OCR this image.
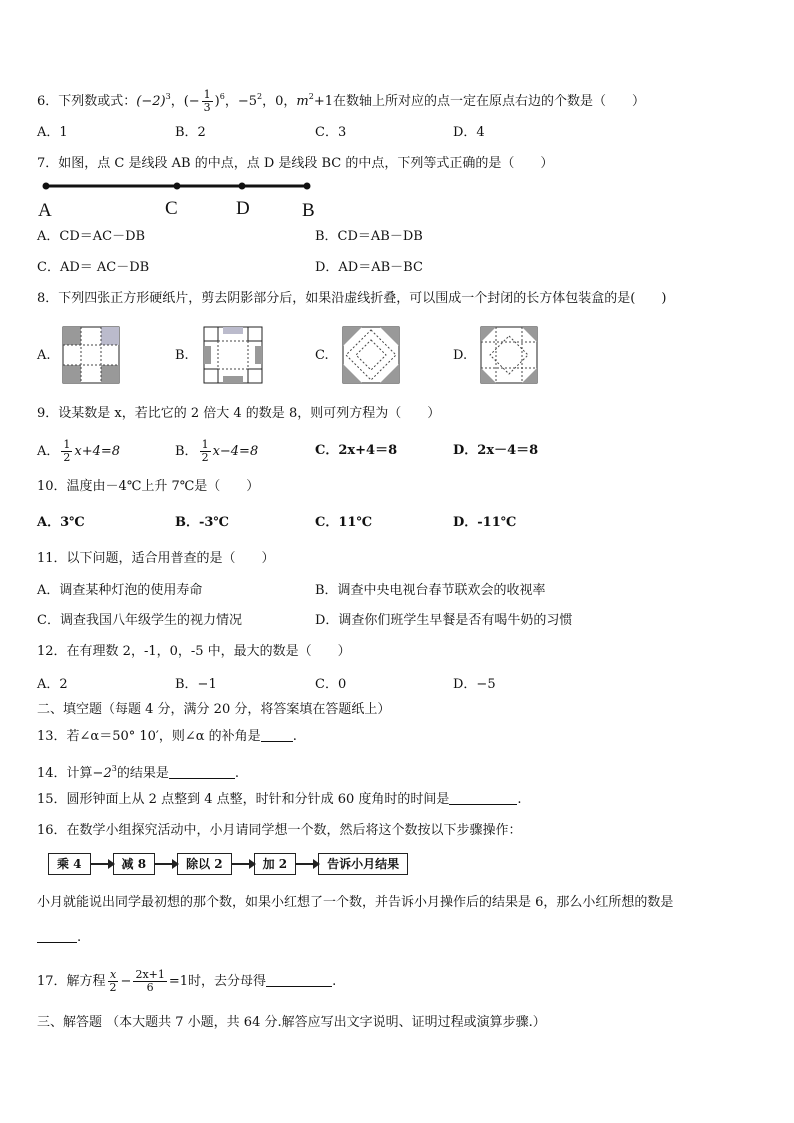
6．下列数或式：$(-2)^3$，(− $\frac{1}{3} )^6$，$-5^2$，0，$m^2+1$在数轴上所对应的点一定在原点右边的个数是（　　）
A．1	B．2	C．3	D．4
7．如图，点 C 是线段 AB 的中点，点 D 是线段 BC 的中点，下列等式正确的是（　　）
A	C	D	B
A．CD＝AC－DB	B．CD＝AB－DB
C．AD＝ AC－DB	D．AD＝AB－BC
8．下列四张正方形硬纸片，剪去阴影部分后，如果沿虚线折叠，可以围成一个封闭的长方体包装盒的是(　　)
A.	B.	C.	D.
9．设某数是 x，若比它的 2 倍大 4 的数是 8，则可列方程为（　　）
A． $\frac{1}{2} x+4=8$	B． $\frac{1}{2} x-4=8$	C．2x+4＝8	D．2x－4＝8
10．温度由－4℃上升 7℃是（　　）
A．3℃	B．-3℃	C．11℃	D．-11℃
11．以下问题，适合用普查的是（　　）
A．调查某种灯泡的使用寿命	B．调查中央电视台春节联欢会的收视率
C．调查我国八年级学生的视力情况	D．调查你们班学生早餐是否有喝牛奶的习惯
12．在有理数 2，-1，0，-5 中，最大的数是（　　）
A．2	B．−1	C．0	D．−5
二、填空题（每题 4 分，满分 20 分，将答案填在答题纸上）
13．若∠α＝50° 10′，则∠α 的补角是 .
14．计算$-2^3$的结果是	.
15．圆形钟面上从 2 点整到 4 点整，时针和分针成 60 度角时的时间是	.
16．在数学小组探究活动中，小月请同学想一个数，然后将这个数按以下步骤操作：
乘 4	减 8	除以 2	加 2	告诉小月结果
小月就能说出同学最初想的那个数，如果小红想了一个数，并告诉小月操作后的结果是 6，那么小红所想的数是
.
17．解方程 $\frac{x}{2} - \frac{2x+1}{6} =1$时，去分母得	.
三、解答题 （本大题共 7 小题，共 64 分.解答应写出文字说明、证明过程或演算步骤.）
